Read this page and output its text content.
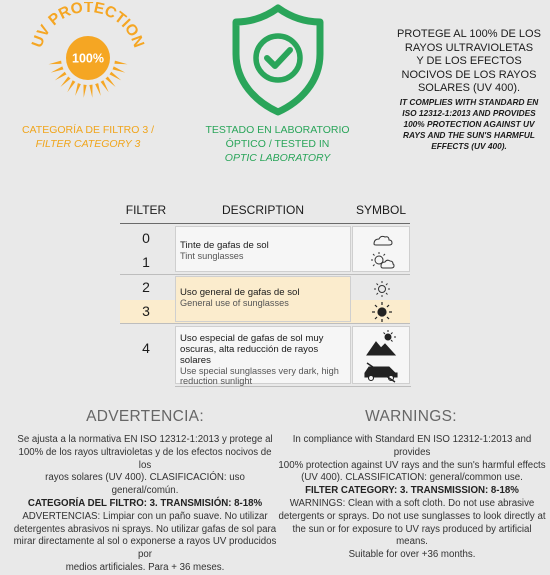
UV PROTECTION
100%
CATEGORÍA DE FILTRO 3 /
FILTER CATEGORY 3
TESTADO EN LABORATORIO
ÓPTICO / TESTED IN
OPTIC LABORATORY
PROTEGE AL 100% DE LOS
RAYOS ULTRAVIOLETAS
Y DE LOS EFECTOS
NOCIVOS DE LOS RAYOS
SOLARES (UV 400).
IT COMPLIES WITH STANDARD EN
ISO 12312-1:2013 AND PROVIDES
100% PROTECTION AGAINST UV
RAYS AND THE SUN'S HARMFUL
EFFECTS (UV 400).
FILTER	DESCRIPTION	SYMBOL
0
1
Tinte de gafas de sol
Tint sunglasses
2
3
Uso general de gafas de sol
General use of sunglasses
4
Uso especial de gafas de sol muy
oscuras, alta reducción de rayos solares
Use special sunglasses very dark, high
reduction sunlight
ADVERTENCIA:
Se ajusta a la normativa EN ISO 12312-1:2013 y protege al
100% de los rayos ultravioletas y de los efectos nocivos de los
rayos solares (UV 400). CLASIFICACIÓN: uso general/común.
CATEGORÍA DEL FILTRO: 3. TRANSMISIÓN: 8-18%
ADVERTENCIAS: Limpiar con un paño suave. No utilizar
detergentes abrasivos ni sprays. No utilizar gafas de sol para
mirar directamente al sol o exponerse a rayos UV producidos por
medios artificiales. Para + 36 meses.
WARNINGS:
In compliance with Standard EN ISO 12312-1:2013 and provides
100% protection against UV rays and the sun's harmful effects
(UV 400). CLASSIFICATION: general/common use.
FILTER CATEGORY: 3. TRANSMISSION: 8-18%
WARNINGS: Clean with a soft cloth. Do not use abrasive
detergents or sprays. Do not use sunglasses to look directly at
the sun or for exposure to UV rays produced by artificial means.
Suitable for over +36 months.
